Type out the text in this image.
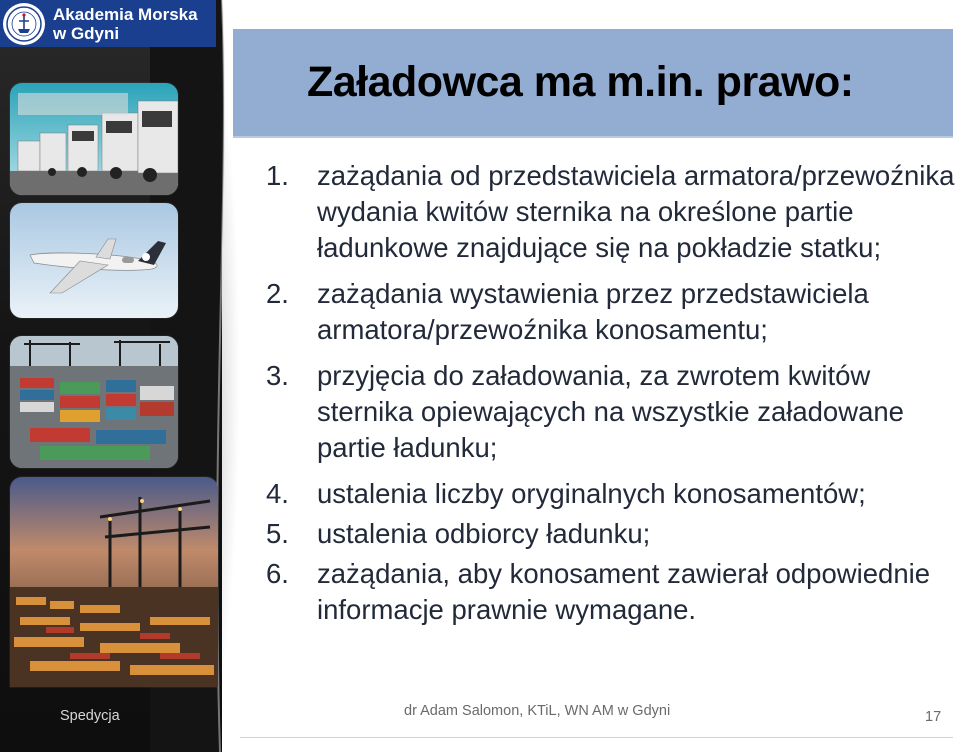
Akademia Morska
w Gdyni
Załadowca ma m.in. prawo:
1.	zażądania od przedstawiciela armatora/przewoźnika wydania kwitów sternika na określone partie ładunkowe znajdujące się na pokładzie statku;
2.	zażądania wystawienia przez przedstawiciela armatora/przewoźnika konosamentu;
3.	przyjęcia do załadowania, za zwrotem kwitów sternika opiewających na wszystkie załadowane partie ładunku;
4.	ustalenia liczby oryginalnych konosamentów;
5.	ustalenia odbiorcy ładunku;
6.	zażądania, aby konosament zawierał odpowiednie informacje prawnie wymagane.
Spedycja	dr Adam Salomon, KTiL, WN AM w Gdyni	17
